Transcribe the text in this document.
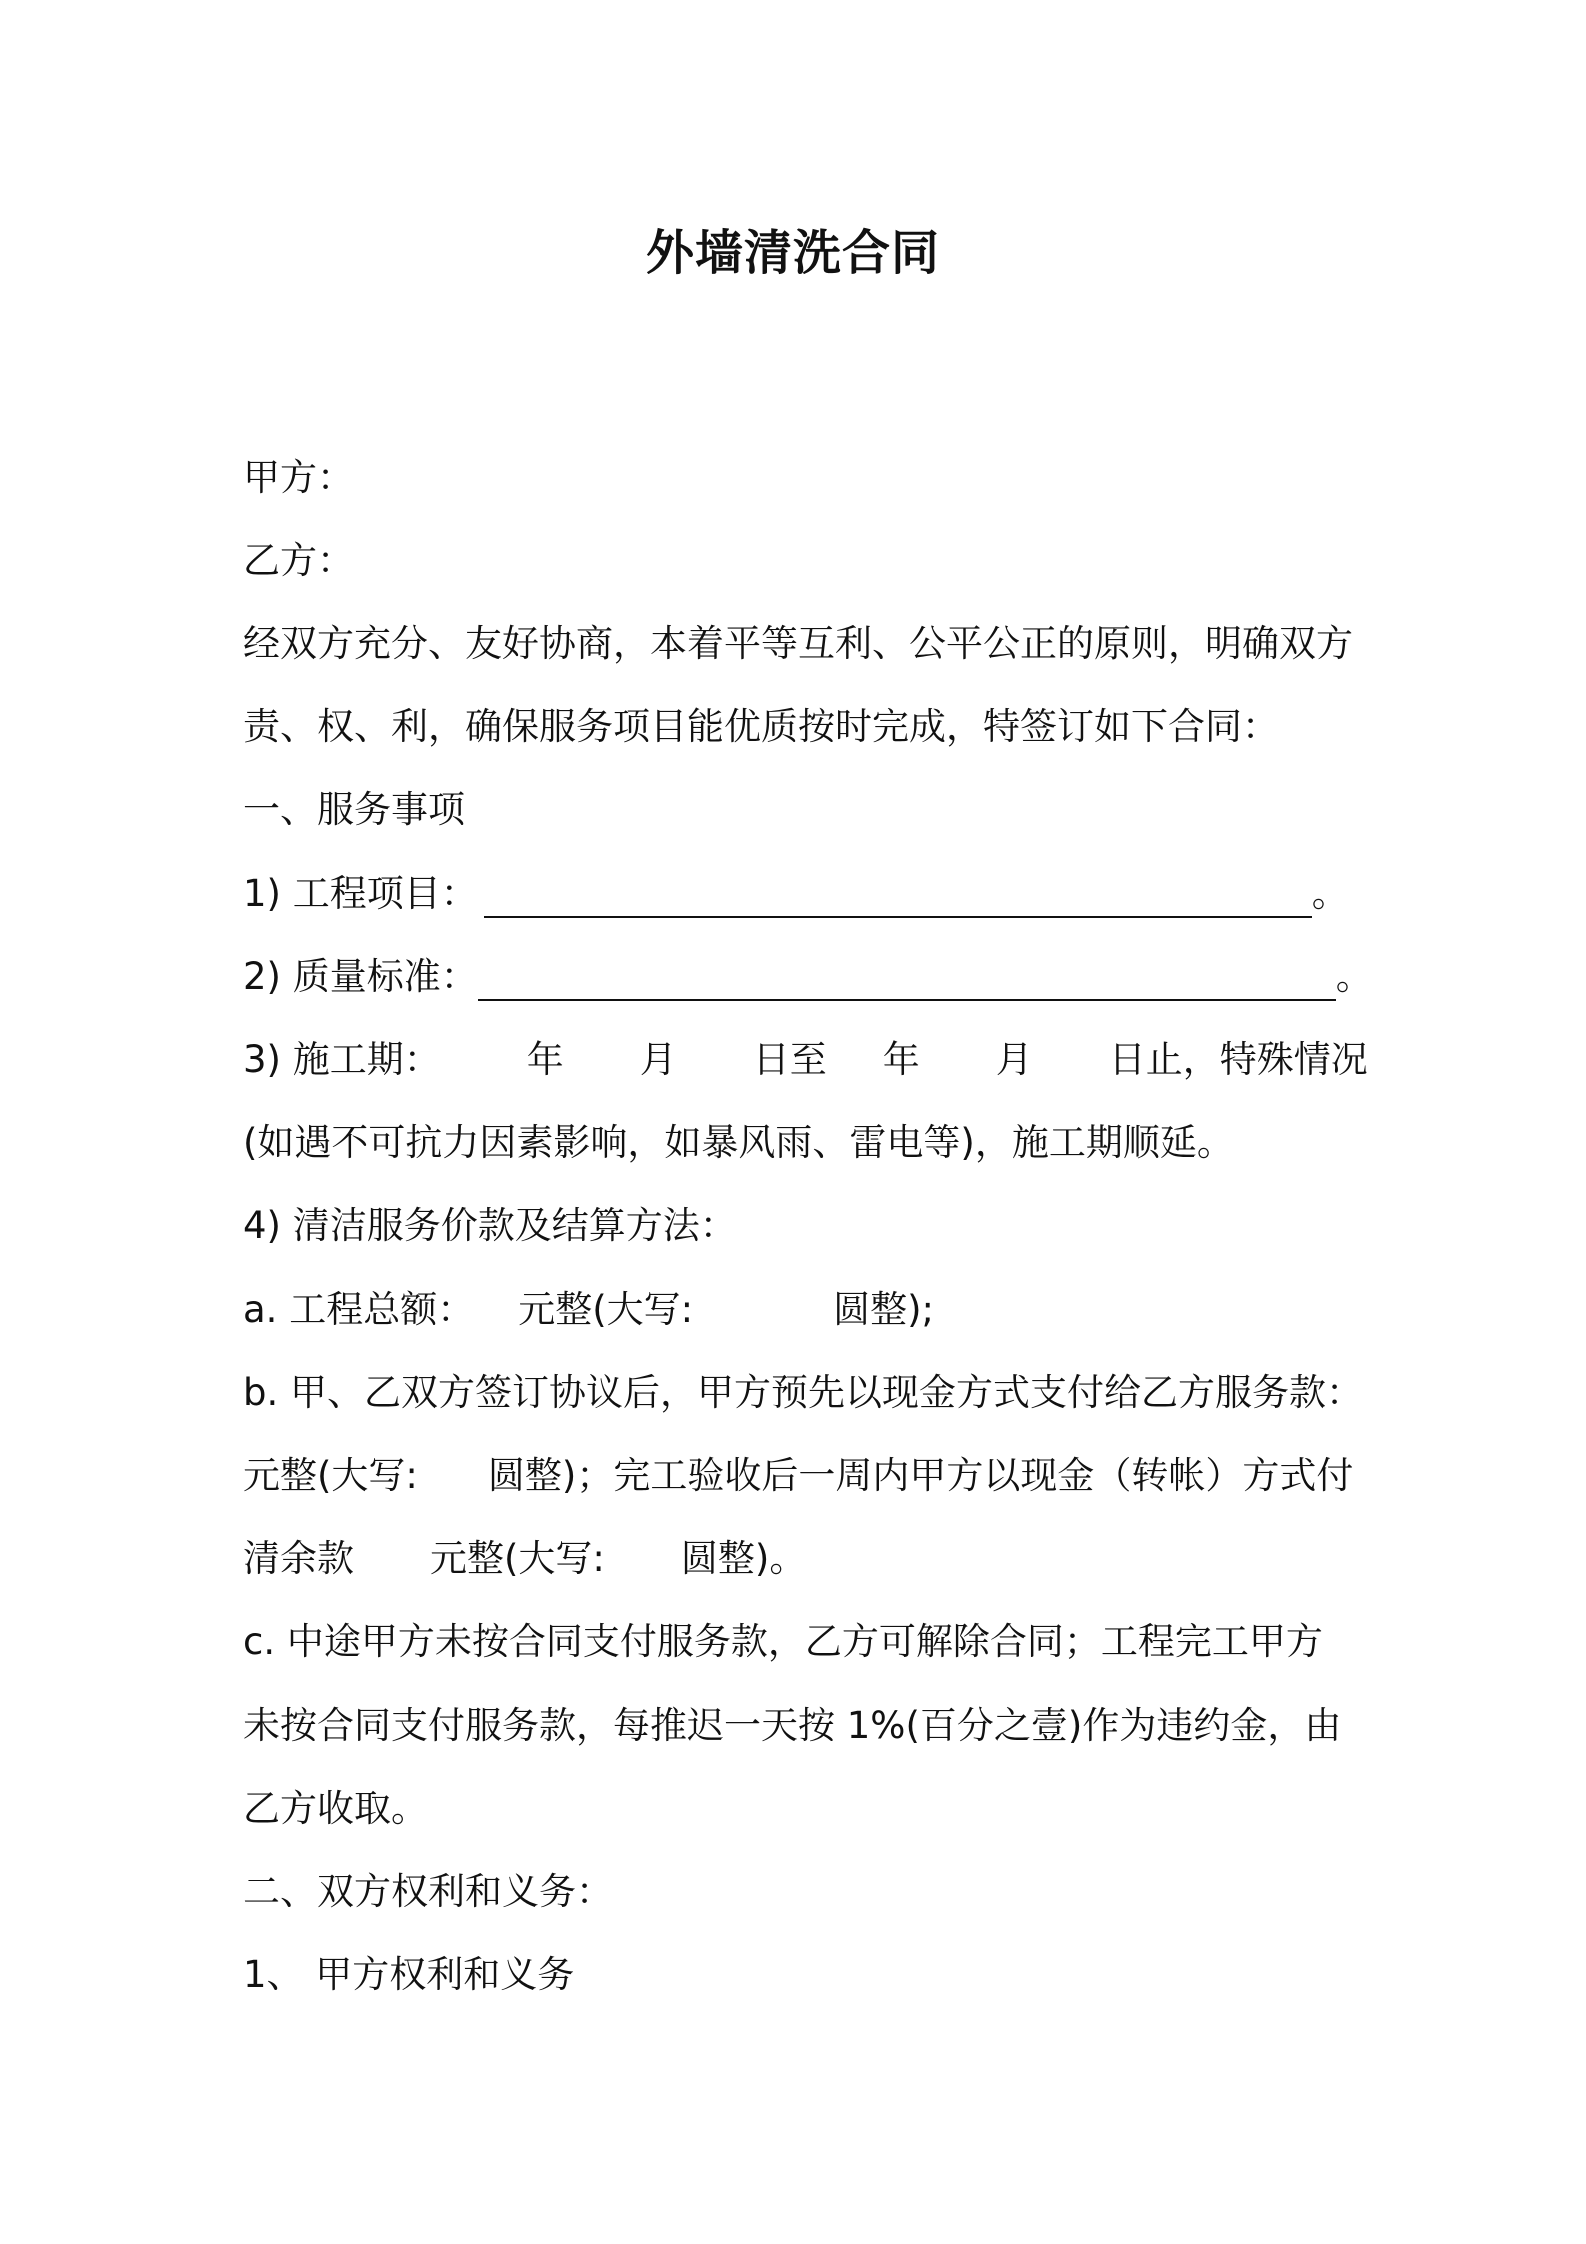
外墙清洗合同
甲方：
乙方：
经双方充分、友好协商，本着平等互利、公平公正的原则，明确双方
责、权、利，确保服务项目能优质按时完成，特签订如下合同：
一、服务事项
1) 工程项目：	。
2) 质量标准：	。
3) 施工期： 年 月 日至 年 月 日止，特殊情况
(如遇不可抗力因素影响，如暴风雨、雷电等)，施工期顺延。
4) 清洁服务价款及结算方法：
a. 工程总额： 元整(大写:	圆整);
b. 甲、乙双方签订协议后，甲方预先以现金方式支付给乙方服务款：
元整(大写: 圆整)；完工验收后一周内甲方以现金（转帐）方式付
清余款 元整(大写: 圆整)。
c. 中途甲方未按合同支付服务款，乙方可解除合同；工程完工甲方
未按合同支付服务款，每推迟一天按 1%(百分之壹)作为违约金，由
乙方收取。
二、双方权利和义务：
1、 甲方权利和义务
